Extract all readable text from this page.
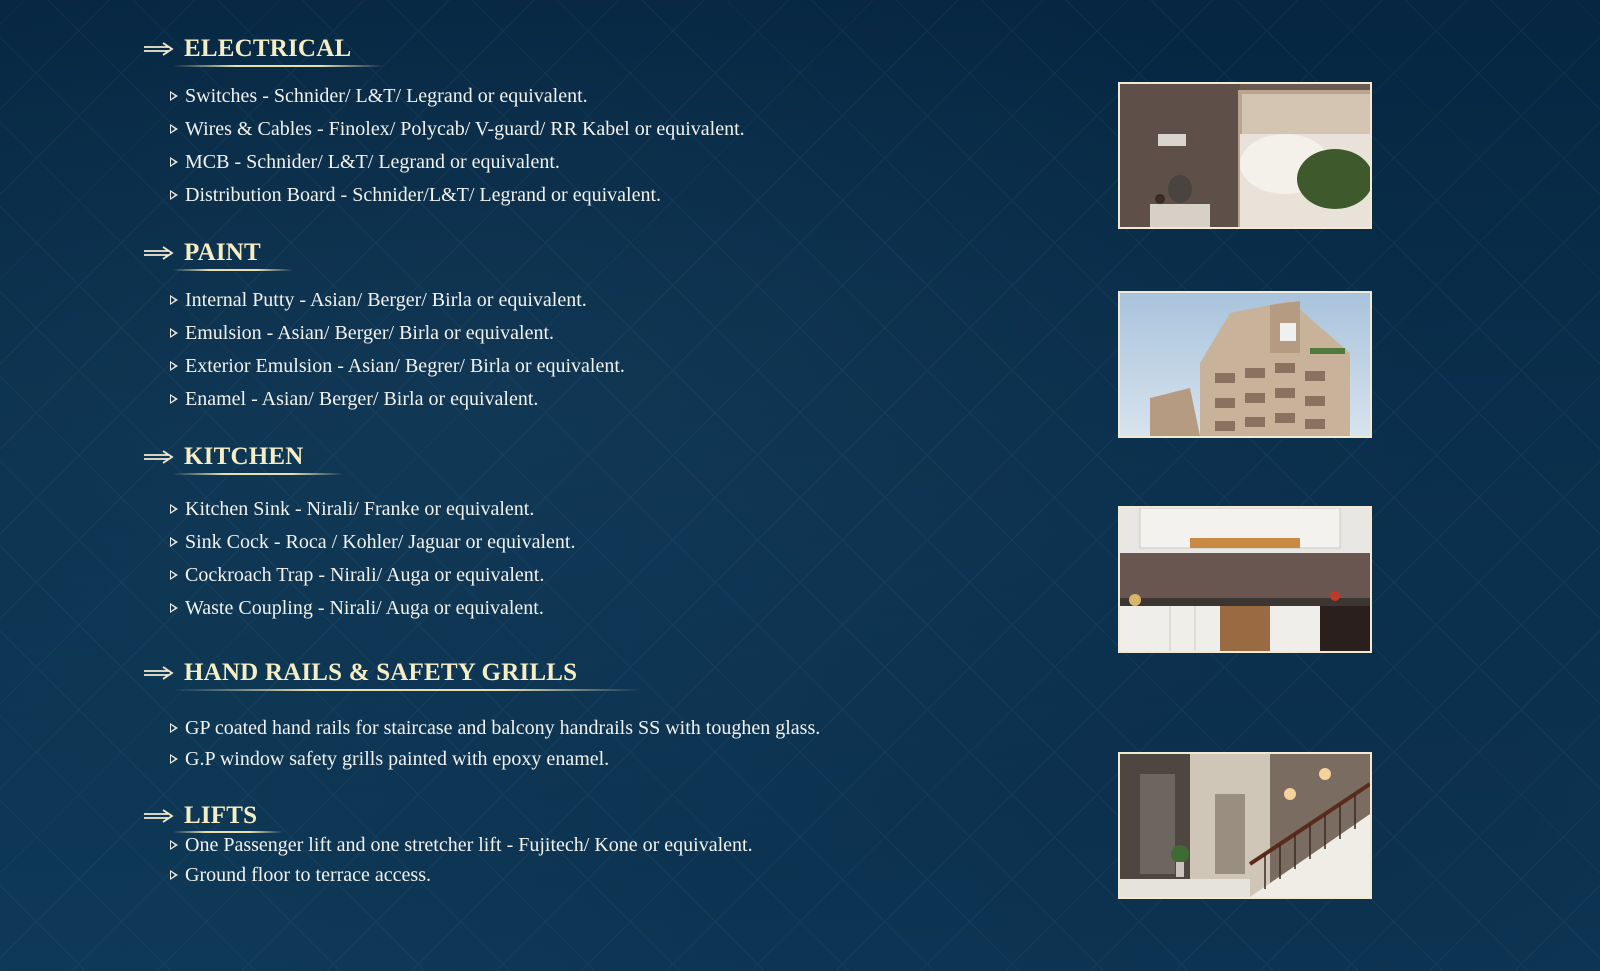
ELECTRICAL
Switches - Schnider/ L&T/ Legrand or equivalent.
Wires & Cables - Finolex/ Polycab/ V-guard/ RR Kabel or equivalent.
MCB - Schnider/ L&T/ Legrand or equivalent.
Distribution Board - Schnider/L&T/ Legrand or equivalent.
PAINT
Internal Putty - Asian/ Berger/ Birla or equivalent.
Emulsion - Asian/ Berger/ Birla or equivalent.
Exterior Emulsion - Asian/ Begrer/ Birla or equivalent.
Enamel - Asian/ Berger/ Birla or equivalent.
KITCHEN
Kitchen Sink - Nirali/ Franke or equivalent.
Sink Cock - Roca / Kohler/ Jaguar or equivalent.
Cockroach Trap - Nirali/ Auga or equivalent.
Waste Coupling - Nirali/ Auga or equivalent.
HAND RAILS & SAFETY GRILLS
GP coated hand rails for staircase and balcony handrails SS with toughen glass.
G.P window safety grills painted with epoxy enamel.
LIFTS
One Passenger lift and one stretcher lift - Fujitech/ Kone or equivalent.
Ground floor to terrace access.
